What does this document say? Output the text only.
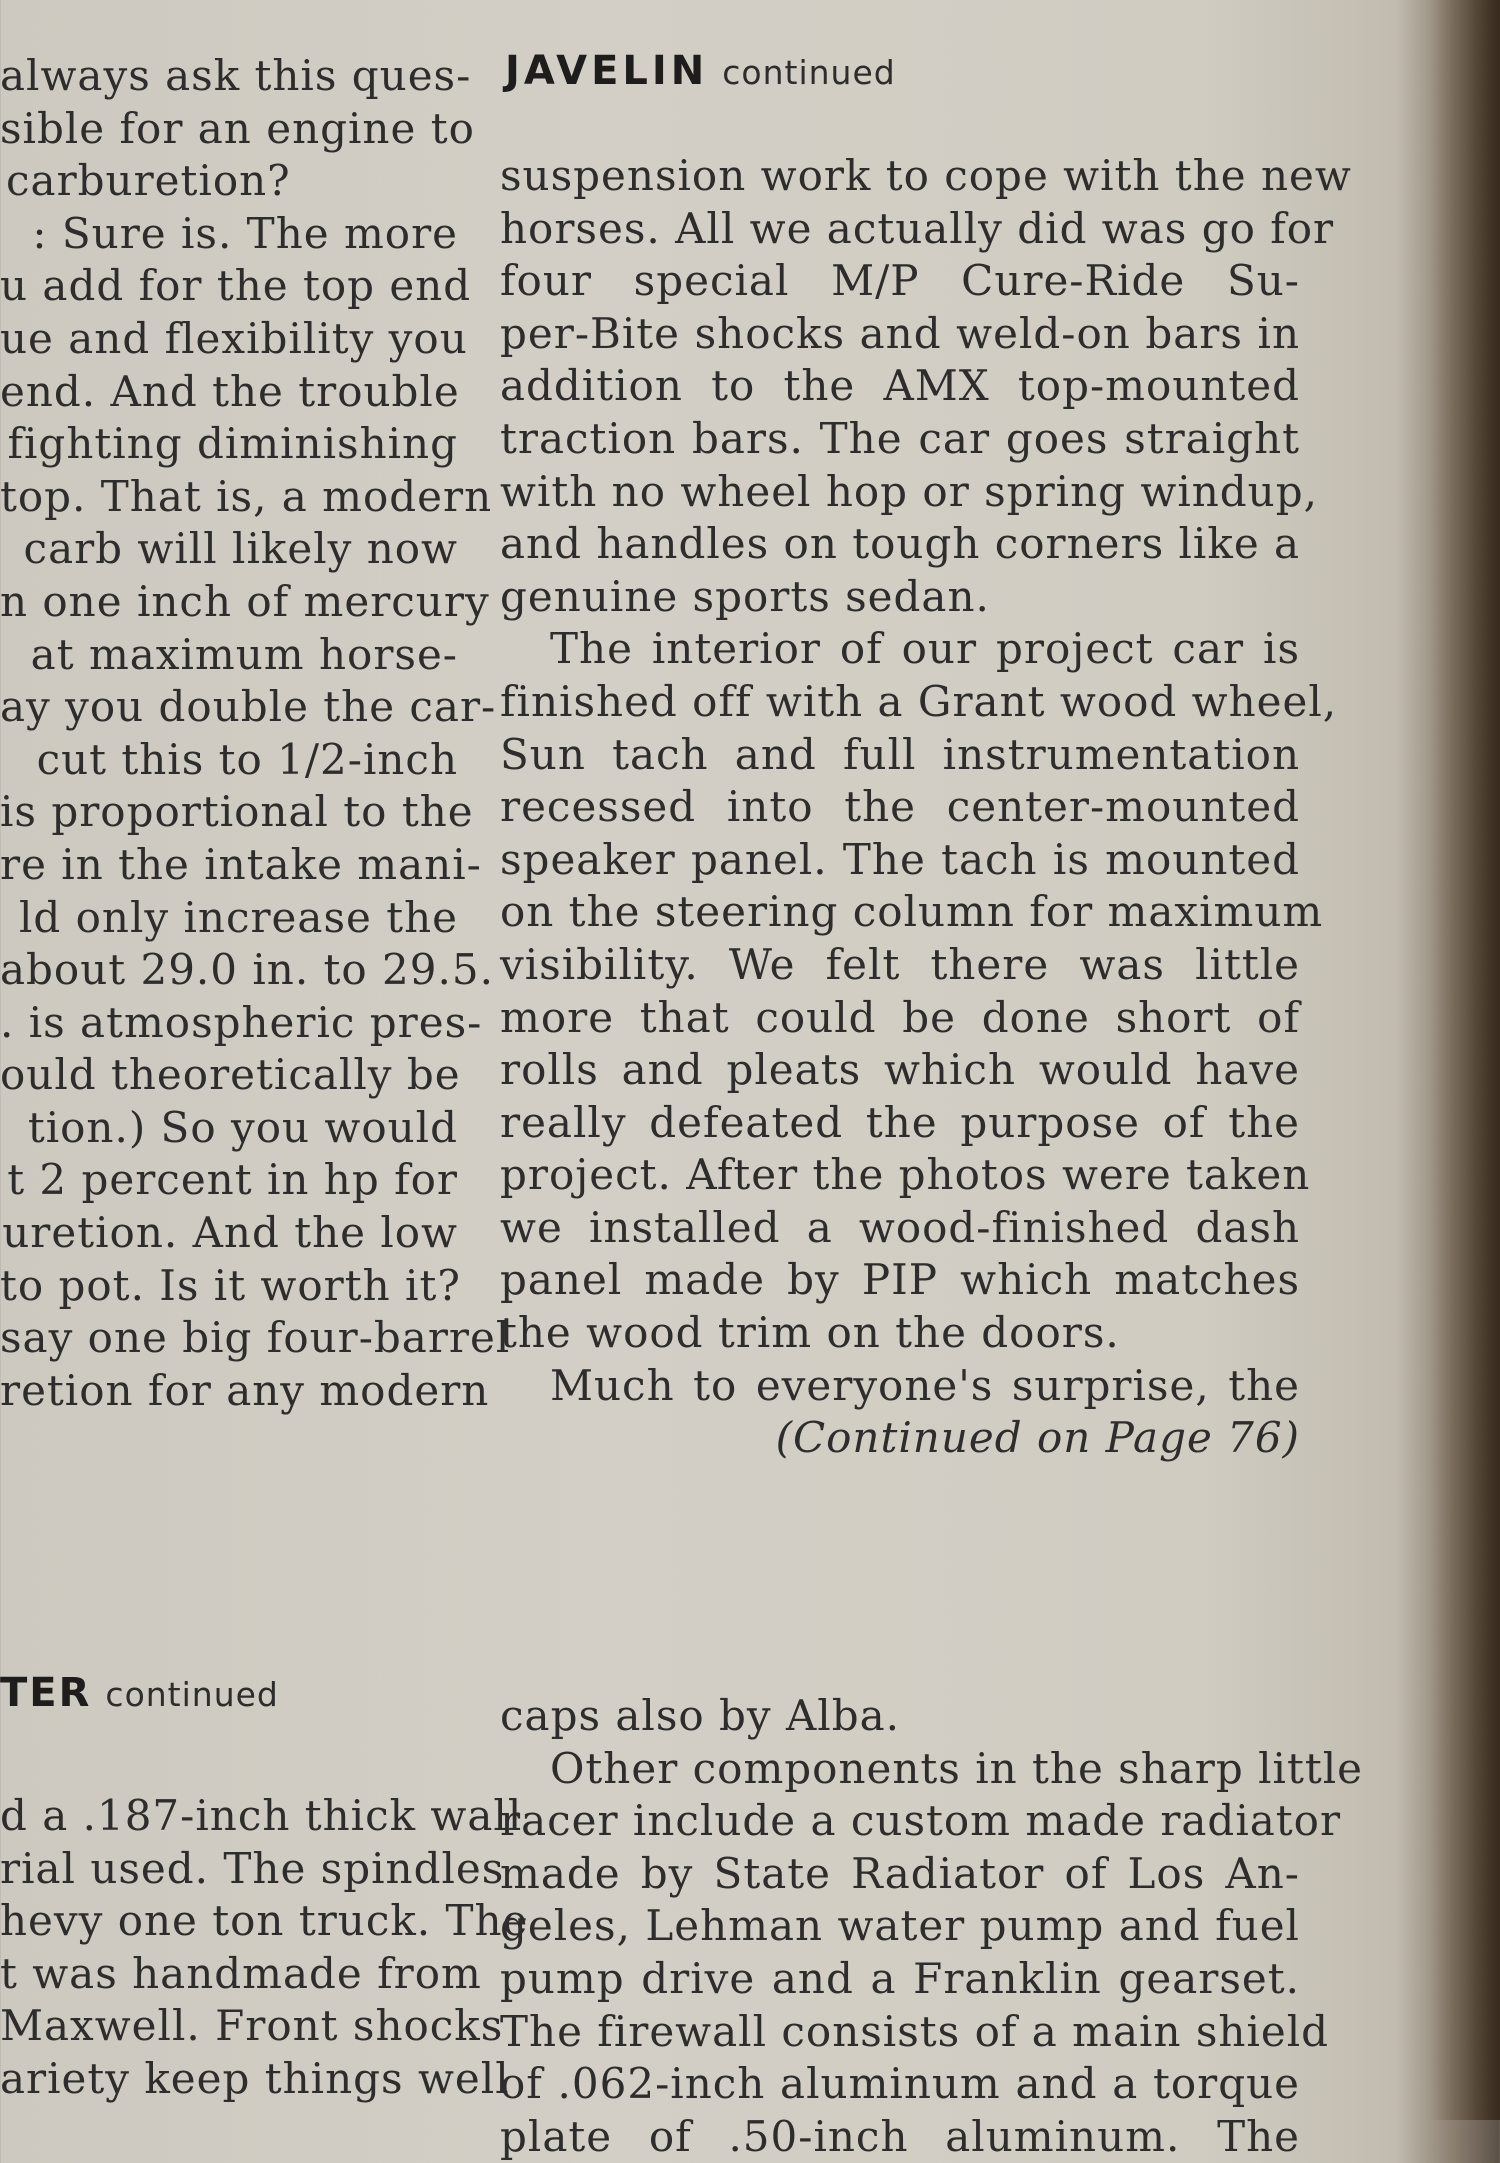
JAVELIN continued
always ask this ques-
sible for an engine to
carburetion?
: Sure is. The more
u add for the top end
ue and flexibility you
end. And the trouble
fighting diminishing
top. That is, a modern
carb will likely now
n one inch of mercury
at maximum horse-
ay you double the car-
cut this to 1/2-inch
is proportional to the
re in the intake mani-
ld only increase the
about 29.0 in. to 29.5.
. is atmospheric pres-
ould theoretically be
tion.) So you would
t 2 percent in hp for
uretion. And the low
to pot. Is it worth it?
say one big four-barrel
retion for any modern
suspension work to cope with the new
horses. All we actually did was go for
four special M/P Cure-Ride Su-
per-Bite shocks and weld-on bars in
addition to the AMX top-mounted
traction bars. The car goes straight
with no wheel hop or spring windup,
and handles on tough corners like a
genuine sports sedan.
The interior of our project car is
finished off with a Grant wood wheel,
Sun tach and full instrumentation
recessed into the center-mounted
speaker panel. The tach is mounted
on the steering column for maximum
visibility. We felt there was little
more that could be done short of
rolls and pleats which would have
really defeated the purpose of the
project. After the photos were taken
we installed a wood-finished dash
panel made by PIP which matches
the wood trim on the doors.
Much to everyone's surprise, the
(Continued on Page 76)
TER continued
d a .187-inch thick wall
rial used. The spindles
hevy one ton truck. The
t was handmade from
Maxwell. Front shocks
ariety keep things well
caps also by Alba.
Other components in the sharp little
racer include a custom made radiator
made by State Radiator of Los An-
geles, Lehman water pump and fuel
pump drive and a Franklin gearset.
The firewall consists of a main shield
of .062-inch aluminum and a torque
plate of .50-inch aluminum. The
